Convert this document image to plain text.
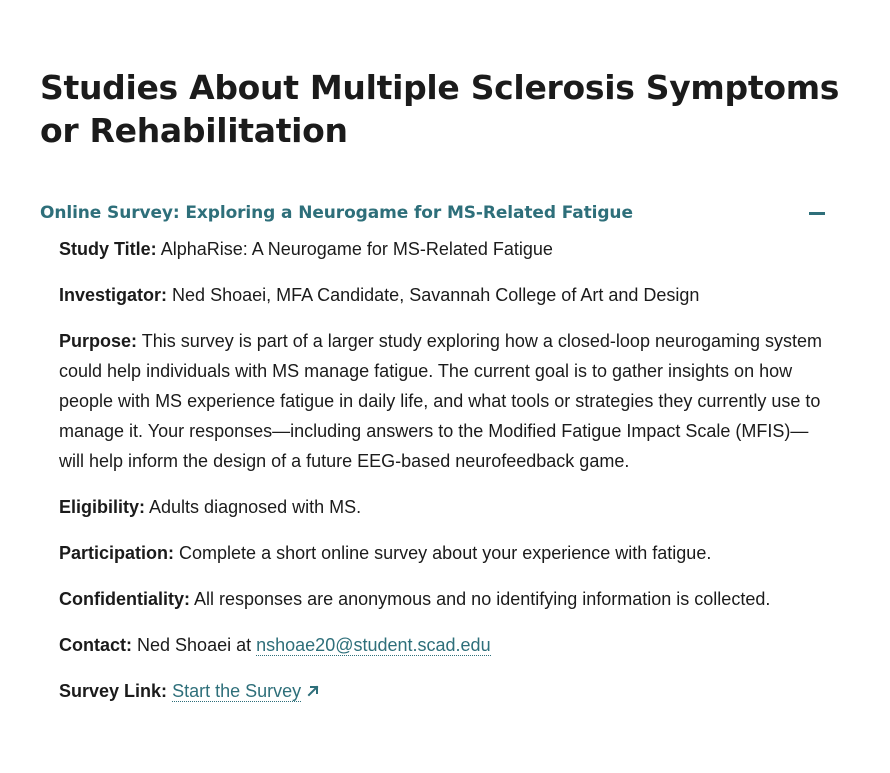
Studies About Multiple Sclerosis Symptoms or Rehabilitation
Online Survey: Exploring a Neurogame for MS-Related Fatigue

Study Title: AlphaRise: A Neurogame for MS-Related Fatigue

Investigator: Ned Shoaei, MFA Candidate, Savannah College of Art and Design

Purpose: This survey is part of a larger study exploring how a closed-loop neurogaming system could help individuals with MS manage fatigue. The current goal is to gather insights on how people with MS experience fatigue in daily life, and what tools or strategies they currently use to manage it. Your responses—including answers to the Modified Fatigue Impact Scale (MFIS)—will help inform the design of a future EEG-based neurofeedback game.

Eligibility: Adults diagnosed with MS.

Participation: Complete a short online survey about your experience with fatigue.

Confidentiality: All responses are anonymous and no identifying information is collected.

Contact: Ned Shoaei at nshoae20@student.scad.edu

Survey Link: Start the Survey
